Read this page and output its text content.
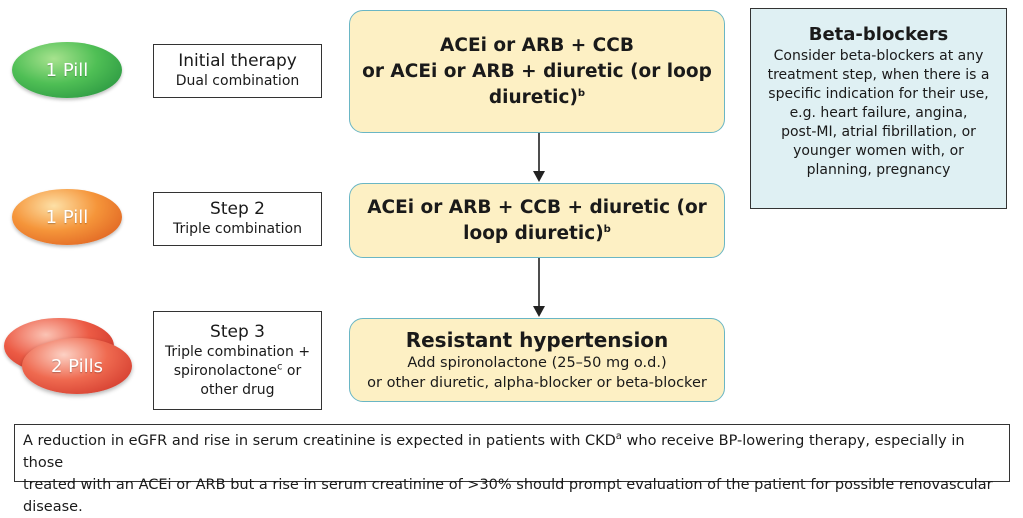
1 Pill
1 Pill
2 Pills
Initial therapy
Dual combination
Step 2
Triple combination
Step 3
Triple combination +
spironolactone$^c$ or
other drug
ACEi or ARB + CCB
or ACEi or ARB + diuretic (or loop
diuretic)$^b$
ACEi or ARB + CCB + diuretic (or
loop diuretic)$^b$
Resistant hypertension
Add spironolactone (25–50 mg o.d.)
or other diuretic, alpha-blocker or beta-blocker
Beta-blockers
Consider beta-blockers at any
treatment step, when there is a
specific indication for their use,
e.g. heart failure, angina,
post-MI, atrial fibrillation, or
younger women with, or
planning, pregnancy
A reduction in eGFR and rise in serum creatinine is expected in patients with CKD$^a$ who receive BP-lowering therapy, especially in those
treated with an ACEi or ARB but a rise in serum creatinine of >30% should prompt evaluation of the patient for possible renovascular disease.
